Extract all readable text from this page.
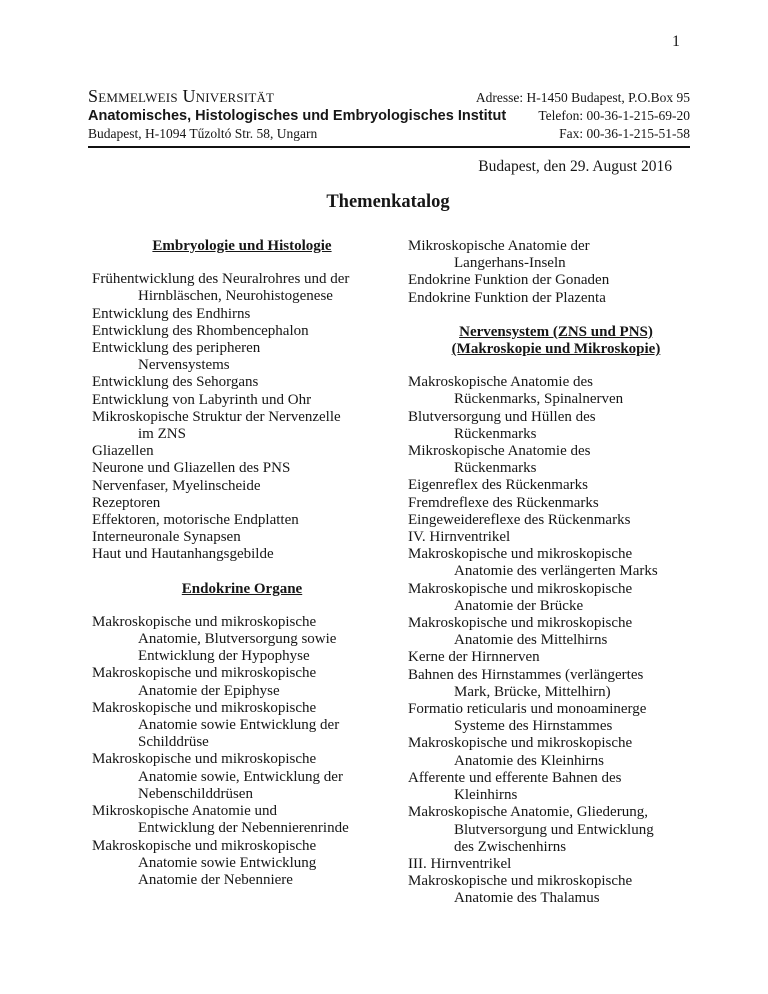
1
Semmelweis Universität	Adresse: H-1450 Budapest, P.O.Box 95
Anatomisches, Histologisches und Embryologisches Institut Telefon: 00-36-1-215-69-20
Budapest, H-1094 Tűzoltó Str. 58, Ungarn	Fax: 00-36-1-215-51-58
Budapest, den 29. August 2016
Themenkatalog
Embryologie und Histologie
Frühentwicklung des Neuralrohres und der
Hirnbläschen, Neurohistogenese
Entwicklung des Endhirns
Entwicklung des Rhombencephalon
Entwicklung des peripheren
Nervensystems
Entwicklung des Sehorgans
Entwicklung von Labyrinth und Ohr
Mikroskopische Struktur der Nervenzelle
im ZNS
Gliazellen
Neurone und Gliazellen des PNS
Nervenfaser, Myelinscheide
Rezeptoren
Effektoren, motorische Endplatten
Interneuronale Synapsen
Haut und Hautanhangsgebilde
Endokrine Organe
Makroskopische und mikroskopische
Anatomie, Blutversorgung sowie
Entwicklung der Hypophyse
Makroskopische und mikroskopische
Anatomie der Epiphyse
Makroskopische und mikroskopische
Anatomie sowie Entwicklung der
Schilddrüse
Makroskopische und mikroskopische
Anatomie sowie, Entwicklung der
Nebenschilddrüsen
Mikroskopische Anatomie und
Entwicklung der Nebennierenrinde
Makroskopische und mikroskopische
Anatomie sowie Entwicklung
Anatomie der Nebenniere
Mikroskopische Anatomie der
Langerhans-Inseln
Endokrine Funktion der Gonaden
Endokrine Funktion der Plazenta
Nervensystem (ZNS und PNS)
(Makroskopie und Mikroskopie)
Makroskopische Anatomie des
Rückenmarks, Spinalnerven
Blutversorgung und Hüllen des
Rückenmarks
Mikroskopische Anatomie des
Rückenmarks
Eigenreflex des Rückenmarks
Fremdreflexe des Rückenmarks
Eingeweidereflexe des Rückenmarks
IV. Hirnventrikel
Makroskopische und mikroskopische
Anatomie des verlängerten Marks
Makroskopische und mikroskopische
Anatomie der Brücke
Makroskopische und mikroskopische
Anatomie des Mittelhirns
Kerne der Hirnnerven
Bahnen des Hirnstammes (verlängertes
Mark, Brücke, Mittelhirn)
Formatio reticularis und monoaminerge
Systeme des Hirnstammes
Makroskopische und mikroskopische
Anatomie des Kleinhirns
Afferente und efferente Bahnen des
Kleinhirns
Makroskopische Anatomie, Gliederung,
Blutversorgung und Entwicklung
des Zwischenhirns
III. Hirnventrikel
Makroskopische und mikroskopische
Anatomie des Thalamus
